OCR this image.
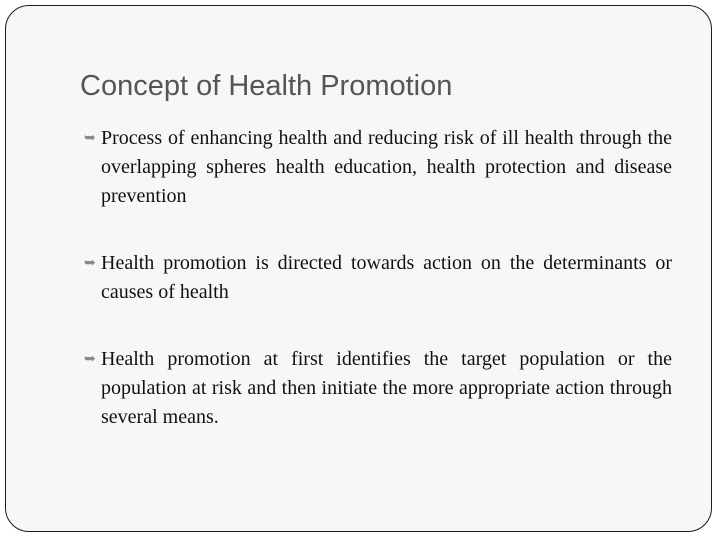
Concept of Health Promotion
➥ Process of enhancing health and reducing risk of ill health through the overlapping spheres health education, health protection and disease prevention
➥ Health promotion is directed towards action on the determinants or causes of health
➥ Health promotion at first identifies the target population or the population at risk and then initiate the more appropriate action through several means.
